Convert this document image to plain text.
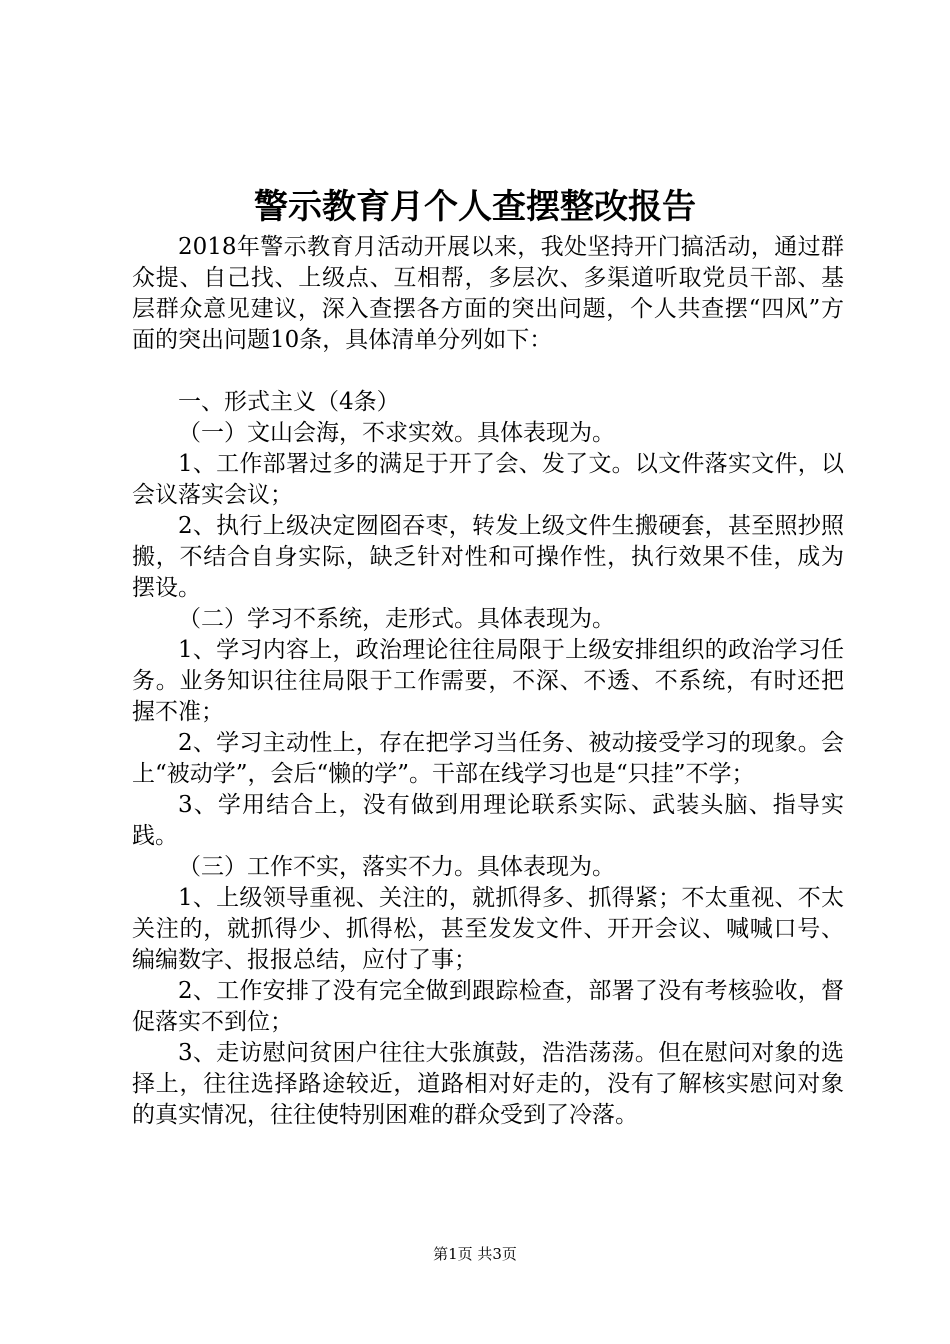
警示教育月个人查摆整改报告

2018年警示教育月活动开展以来，我处坚持开门搞活动，通过群众提、自己找、上级点、互相帮，多层次、多渠道听取党员干部、基层群众意见建议，深入查摆各方面的突出问题，个人共查摆“四风”方面的突出问题10条，具体清单分列如下：

一、形式主义（4条）

（一）文山会海，不求实效。具体表现为。

1、工作部署过多的满足于开了会、发了文。以文件落实文件，以会议落实会议；

2、执行上级决定囫囵吞枣，转发上级文件生搬硬套，甚至照抄照搬，不结合自身实际，缺乏针对性和可操作性，执行效果不佳，成为摆设。

（二）学习不系统，走形式。具体表现为。

1、学习内容上，政治理论往往局限于上级安排组织的政治学习任务。业务知识往往局限于工作需要，不深、不透、不系统，有时还把握不准；

2、学习主动性上，存在把学习当任务、被动接受学习的现象。会上“被动学”，会后“懒的学”。干部在线学习也是“只挂”不学；

3、学用结合上，没有做到用理论联系实际、武装头脑、指导实践。

（三）工作不实，落实不力。具体表现为。

1、上级领导重视、关注的，就抓得多、抓得紧；不太重视、不太关注的，就抓得少、抓得松，甚至发发文件、开开会议、喊喊口号、编编数字、报报总结，应付了事；

2、工作安排了没有完全做到跟踪检查，部署了没有考核验收，督促落实不到位；

3、走访慰问贫困户往往大张旗鼓，浩浩荡荡。但在慰问对象的选择上，往往选择路途较近，道路相对好走的，没有了解核实慰问对象的真实情况，往往使特别困难的群众受到了冷落。

第1页 共3页
